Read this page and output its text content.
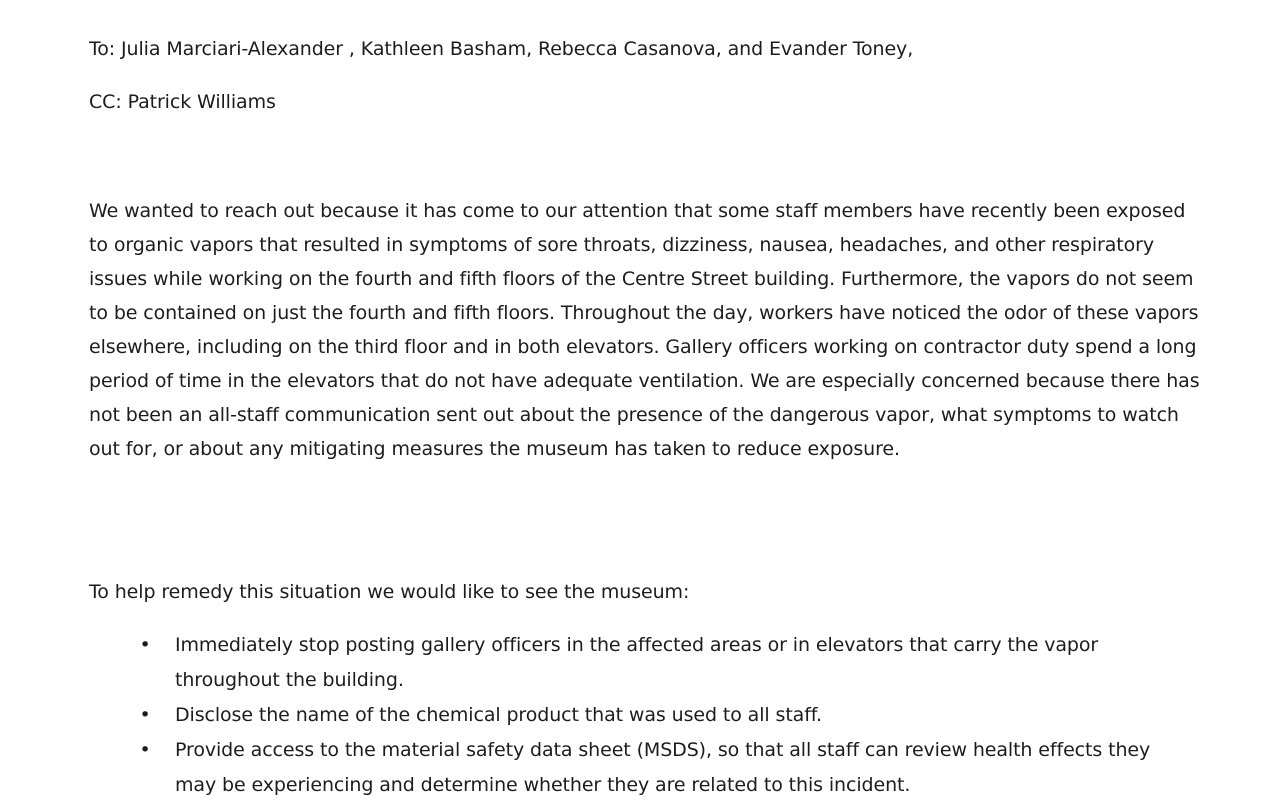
To: Julia Marciari-Alexander , Kathleen Basham, Rebecca Casanova, and Evander Toney,
CC: Patrick Williams

We wanted to reach out because it has come to our attention that some staff members have recently been exposed to organic vapors that resulted in symptoms of sore throats, dizziness, nausea, headaches, and other respiratory issues while working on the fourth and fifth floors of the Centre Street building. Furthermore, the vapors do not seem to be contained on just the fourth and fifth floors. Throughout the day, workers have noticed the odor of these vapors elsewhere, including on the third floor and in both elevators. Gallery officers working on contractor duty spend a long period of time in the elevators that do not have adequate ventilation. We are especially concerned because there has not been an all-staff communication sent out about the presence of the dangerous vapor, what symptoms to watch out for, or about any mitigating measures the museum has taken to reduce exposure.

To help remedy this situation we would like to see the museum:
• Immediately stop posting gallery officers in the affected areas or in elevators that carry the vapor throughout the building.
• Disclose the name of the chemical product that was used to all staff.
• Provide access to the material safety data sheet (MSDS), so that all staff can review health effects they may be experiencing and determine whether they are related to this incident.
